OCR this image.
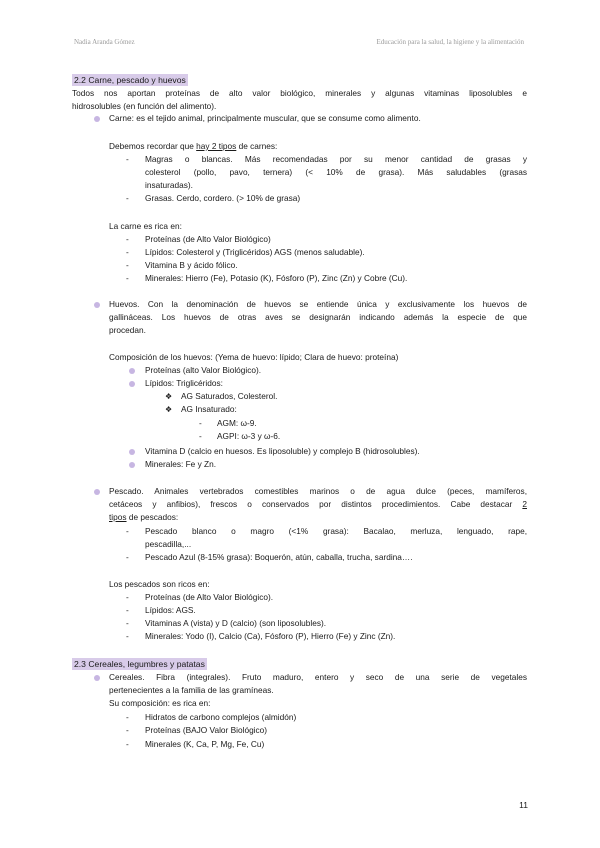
Nadia Aranda Gómez	Educación para la salud, la higiene y la alimentación
2.2 Carne, pescado y huevos
Todos nos aportan proteínas de alto valor biológico, minerales y algunas vitaminas liposolubles e
hidrosolubles (en función del alimento).
Carne: es el tejido animal, principalmente muscular, que se consume como alimento.
Debemos recordar que hay 2 tipos de carnes:
- Magras o blancas. Más recomendadas por su menor cantidad de grasas y
colesterol (pollo, pavo, ternera) (< 10% de grasa). Más saludables (grasas
insaturadas).
- Grasas. Cerdo, cordero. (> 10% de grasa)
La carne es rica en:
- Proteínas (de Alto Valor Biológico)
- Lípidos: Colesterol y (Triglicéridos) AGS (menos saludable).
- Vitamina B y ácido fólico.
- Minerales: Hierro (Fe), Potasio (K), Fósforo (P), Zinc (Zn) y Cobre (Cu).
Huevos. Con la denominación de huevos se entiende única y exclusivamente los huevos de
gallináceas. Los huevos de otras aves se designarán indicando además la especie de que
procedan.
Composición de los huevos: (Yema de huevo: lípido; Clara de huevo: proteína)
Proteínas (alto Valor Biológico).
Lípidos: Triglicéridos:
❖ AG Saturados, Colesterol.
❖ AG Insaturado:
- AGM: ω-9.
- AGPI: ω-3 y ω-6.
Vitamina D (calcio en huesos. Es liposoluble) y complejo B (hidrosolubles).
Minerales: Fe y Zn.
Pescado. Animales vertebrados comestibles marinos o de agua dulce (peces, mamíferos,
cetáceos y anfibios), frescos o conservados por distintos procedimientos. Cabe destacar 2
tipos de pescados:
- Pescado blanco o magro (<1% grasa): Bacalao, merluza, lenguado, rape,
pescadilla,...
- Pescado Azul (8-15% grasa): Boquerón, atún, caballa, trucha, sardina….
Los pescados son ricos en:
- Proteínas (de Alto Valor Biológico).
- Lípidos: AGS.
- Vitaminas A (vista) y D (calcio) (son liposolubles).
- Minerales: Yodo (I), Calcio (Ca), Fósforo (P), Hierro (Fe) y Zinc (Zn).
2.3 Cereales, legumbres y patatas
Cereales. Fibra (integrales). Fruto maduro, entero y seco de una serie de vegetales
pertenecientes a la familia de las gramíneas.
Su composición: es rica en:
- Hidratos de carbono complejos (almidón)
- Proteínas (BAJO Valor Biológico)
- Minerales (K, Ca, P, Mg, Fe, Cu)
11
